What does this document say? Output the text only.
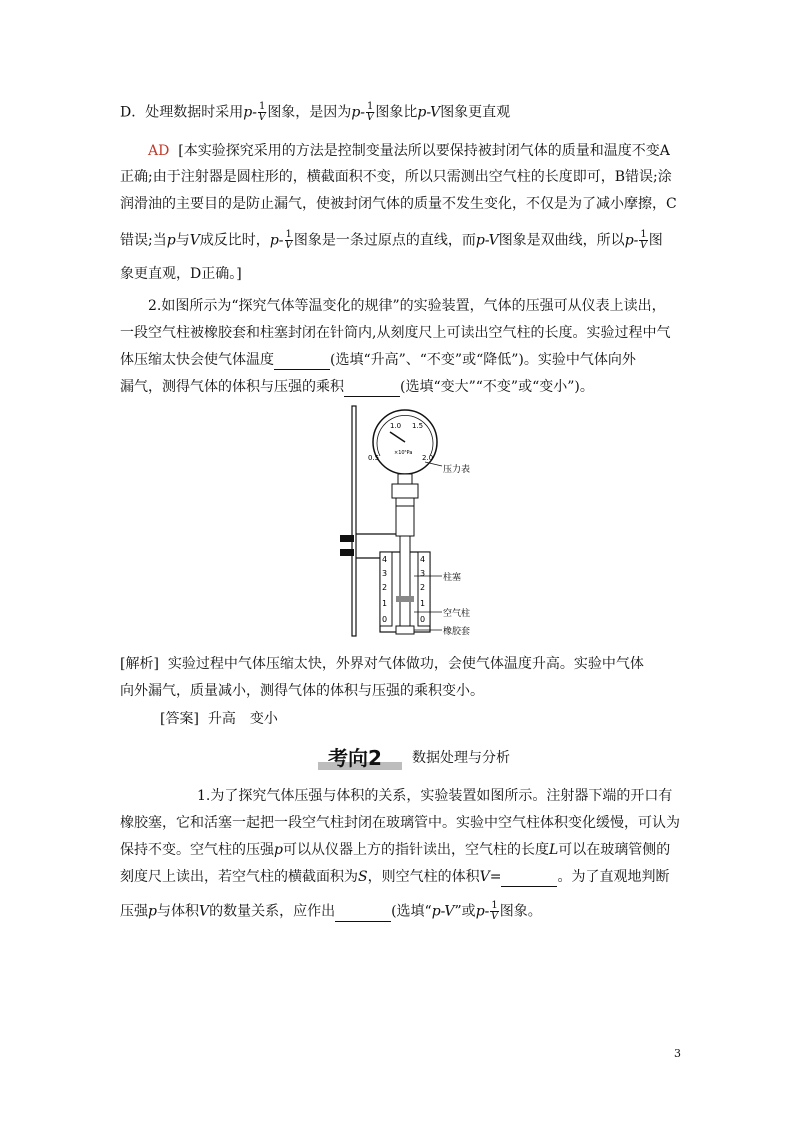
D．处理数据时采用$p- \frac{1}{V}$ 图象，是因为$p- \frac{1}{V}$ 图象比p-V图象更直观
AD [本实验探究采用的方法是控制变量法所以要保持被封闭气体的质量和温度不变A
正确;由于注射器是圆柱形的，横截面积不变，所以只需测出空气柱的长度即可，B错误;涂
润滑油的主要目的是防止漏气，使被封闭气体的质量不发生变化，不仅是为了减小摩擦，C
错误;当p与V成反比时，$p- \frac{1}{V}$ 图象是一条过原点的直线，而p-V图象是双曲线，所以$p- \frac{1}{V}$ 图
象更直观，D正确。]
2.如图所示为“探究气体等温变化的规律”的实验装置，气体的压强可从仪表上读出，
一段空气柱被橡胶套和柱塞封闭在针筒内,从刻度尺上可读出空气柱的长度。实验过程中气
体压缩太快会使气体温度	(选填“升高”、“不变”或“降低”)。实验中气体向外
漏气，测得气体的体积与压强的乘积	(选填“变大”“不变”或“变小”)。
0.5
1.0 1.5
2.0
×10⁵Pa
4
3
2
1
0
4
3
2
1
0
压力表
柱塞
空气柱
橡胶套
[解析] 实验过程中气体压缩太快，外界对气体做功，会使气体温度升高。实验中气体
向外漏气，质量减小，测得气体的体积与压强的乘积变小。
[答案] 升高　变小
考向2 数据处理与分析
1.为了探究气体压强与体积的关系，实验装置如图所示。注射器下端的开口有
橡胶塞，它和活塞一起把一段空气柱封闭在玻璃管中。实验中空气柱体积变化缓慢，可认为
保持不变。空气柱的压强p可以从仪器上方的指针读出，空气柱的长度L可以在玻璃管侧的
刻度尺上读出，若空气柱的横截面积为S，则空气柱的体积V=	。为了直观地判断
压强p与体积V的数量关系，应作出	(选填“p-V”或$p- \frac{1}{V}$ 图象。
3
